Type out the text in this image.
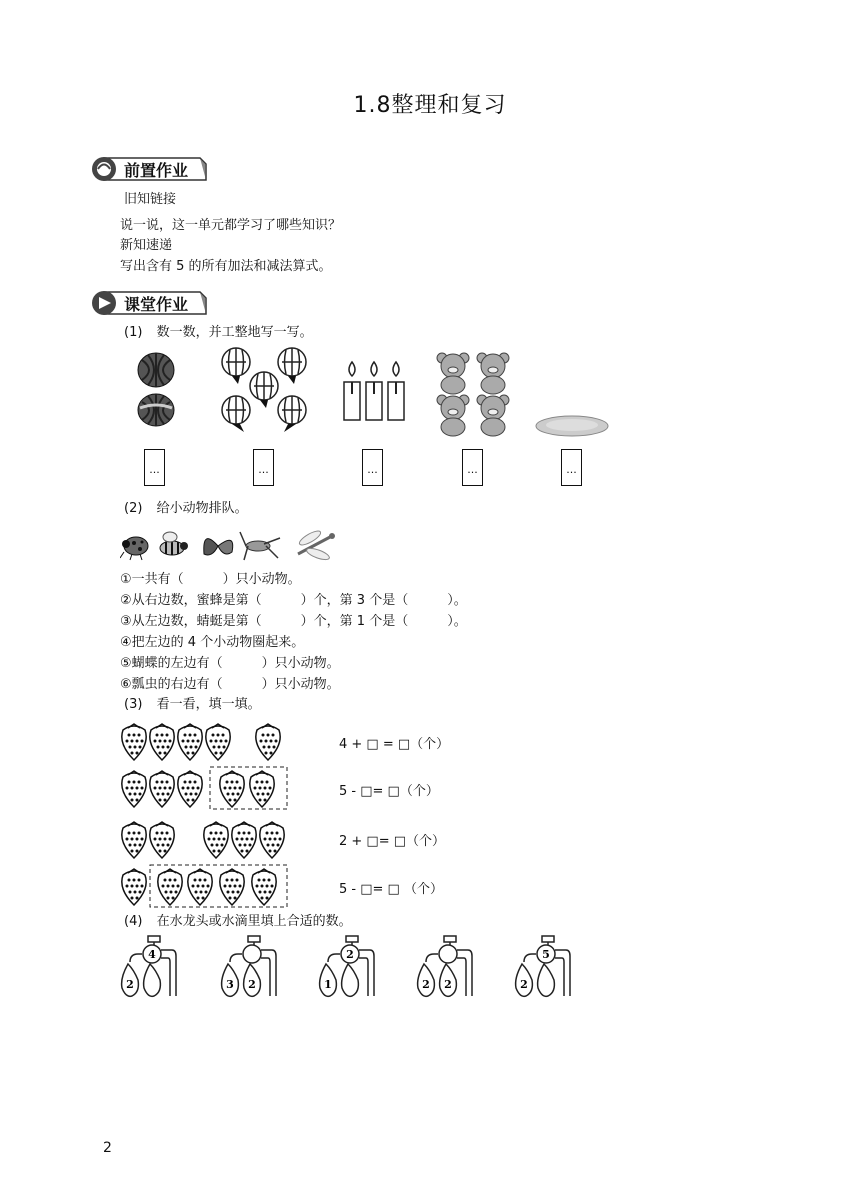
1.8整理和复习
前置作业
旧知链接
说一说，这一单元都学习了哪些知识？
新知速递
写出含有 5 的所有加法和减法算式。
课堂作业
(1) 数一数，并工整地写一写。
...	...	...	...	...
(2) 给小动物排队。
①一共有（　　　）只小动物。
②从右边数，蜜蜂是第（　　　）个，第 3 个是（　　　）。
③从左边数，蜻蜓是第（　　　）个，第 1 个是（　　　）。
④把左边的 4 个小动物圈起来。
⑤蝴蝶的左边有（　　　）只小动物。
⑥瓢虫的右边有（　　　）只小动物。
(3) 看一看，填一填。
4 + □ = □（个）
5 - □= □（个）
2 + □= □（个）
5 - □= □ （个）
(4) 在水龙头或水滴里填上合适的数。
4
2	3 2
2
1	2 2
5
2
2
